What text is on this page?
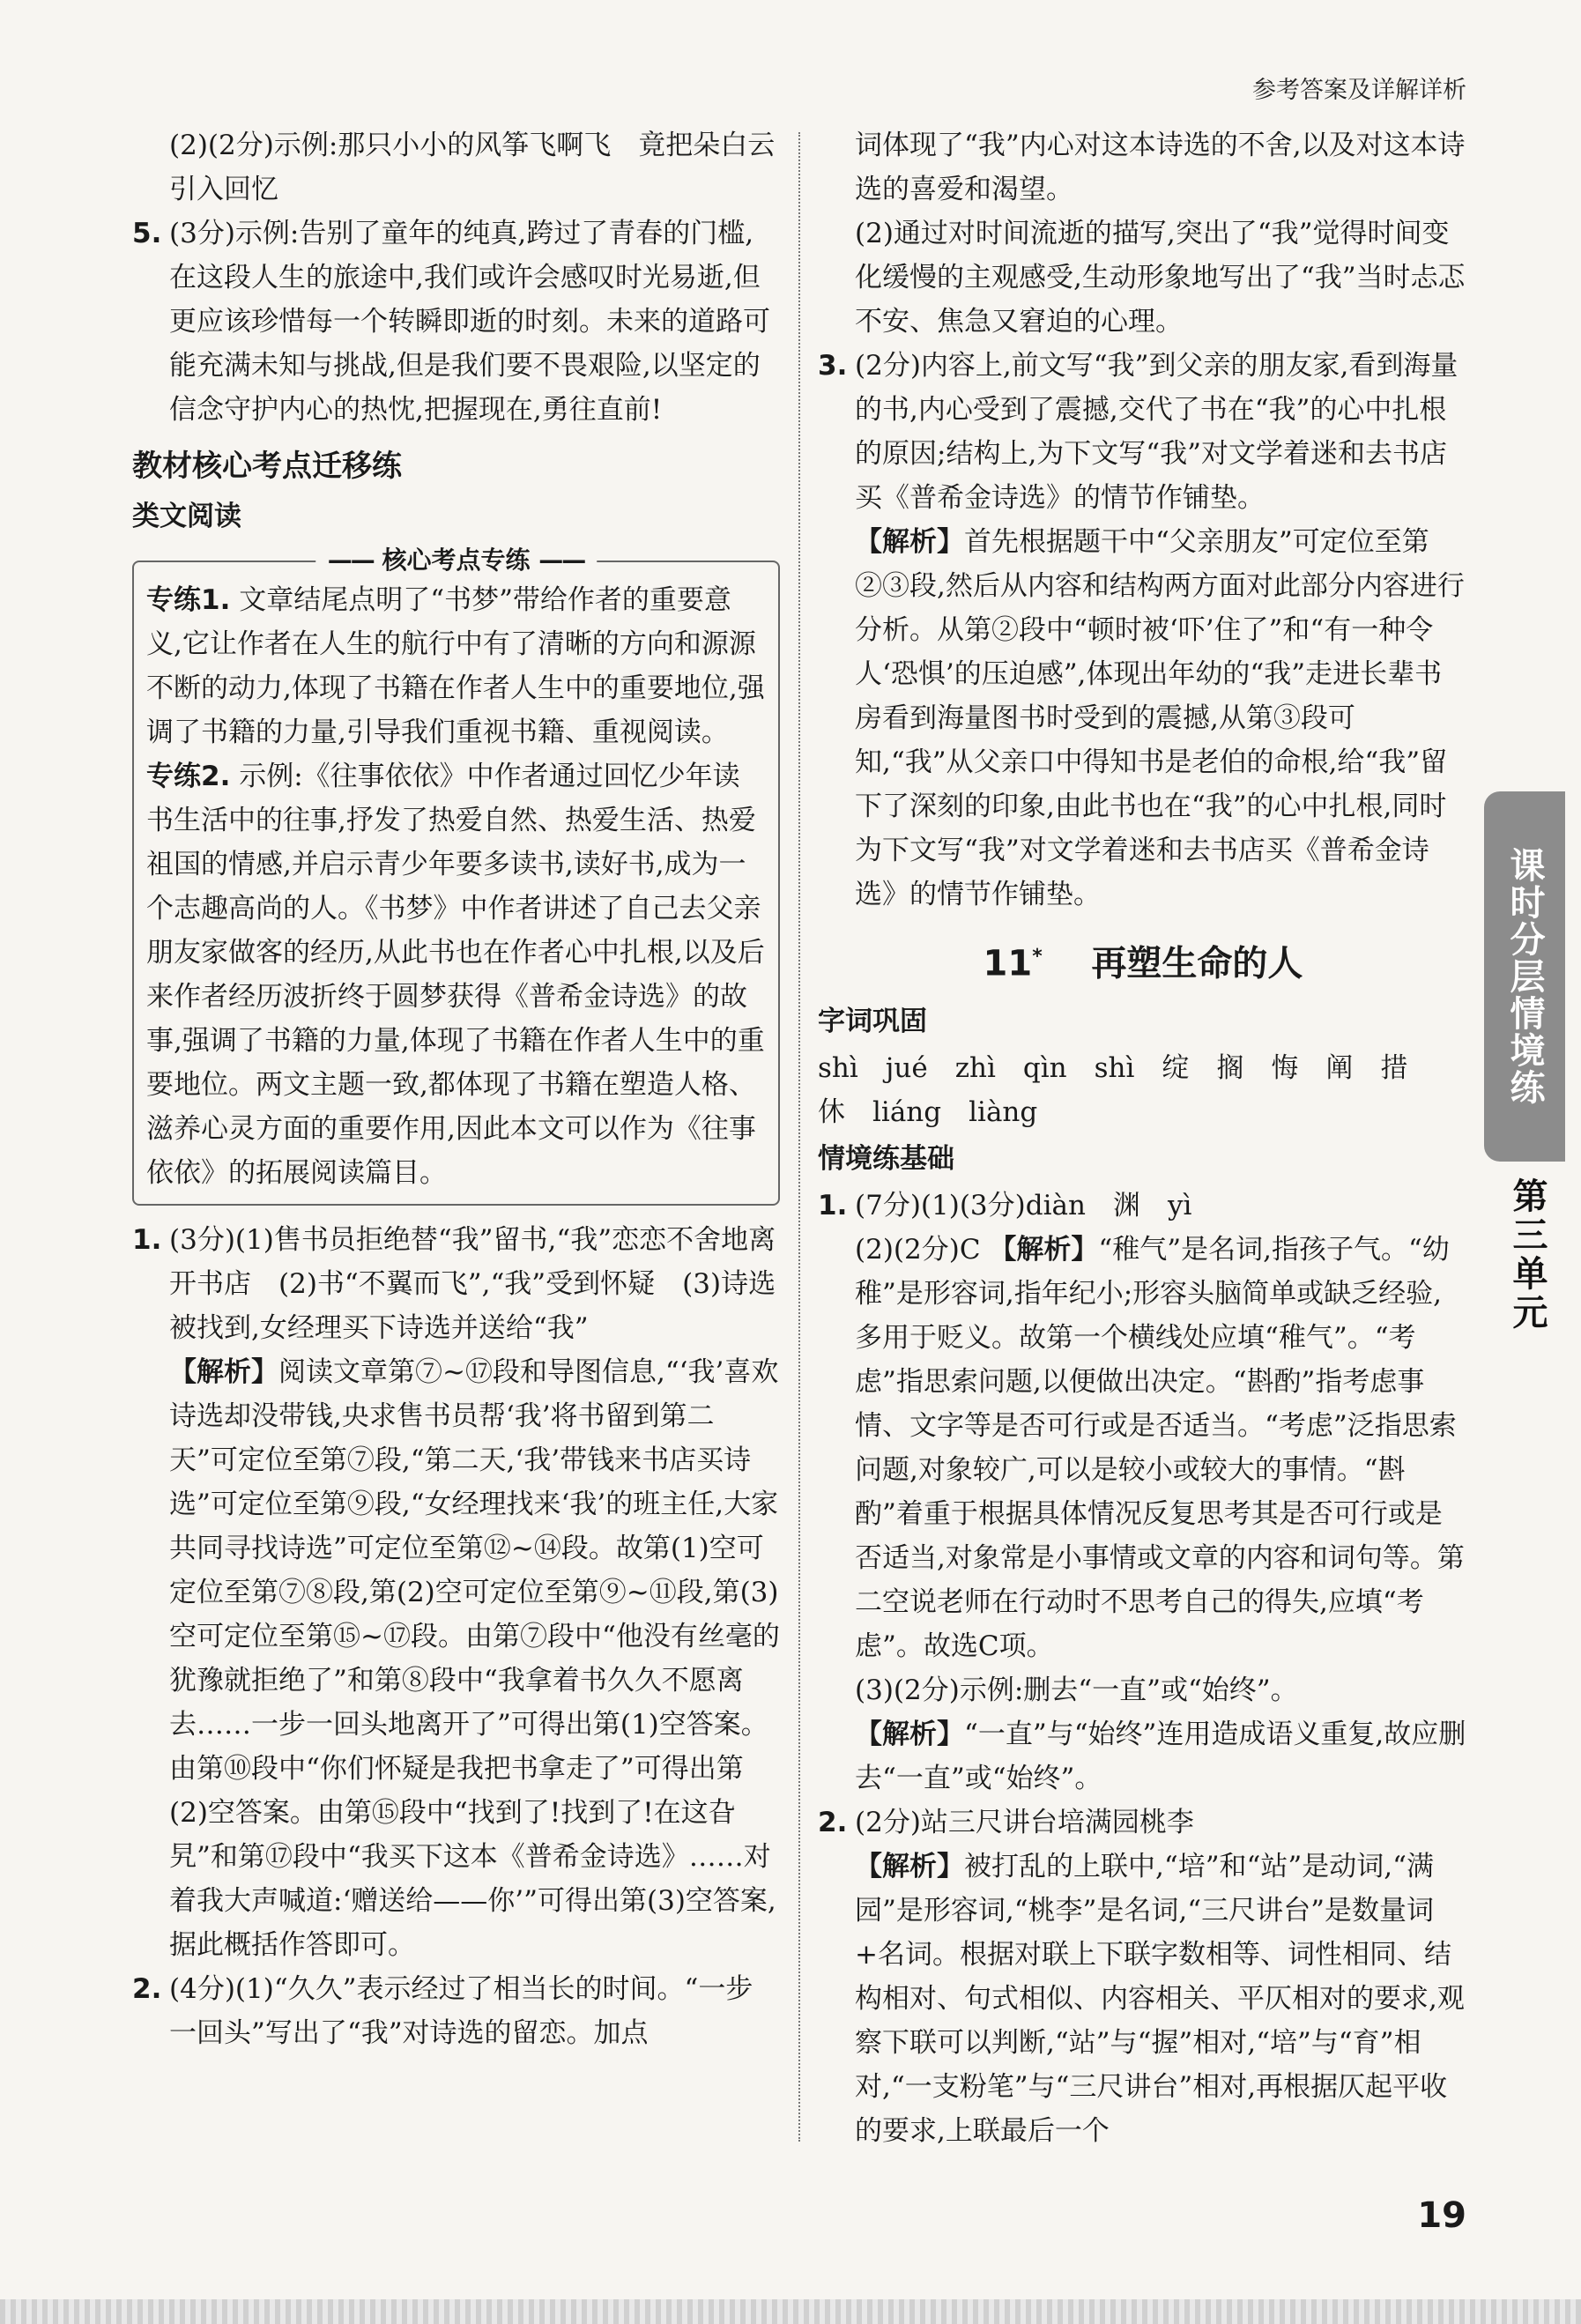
参考答案及详解详析

(2)(2分)示例:那只小小的风筝飞啊飞　竟把朵白云引入回忆

5. (3分)示例:告别了童年的纯真,跨过了青春的门槛,在这段人生的旅途中,我们或许会感叹时光易逝,但更应该珍惜每一个转瞬即逝的时刻。未来的道路可能充满未知与挑战,但是我们要不畏艰险,以坚定的信念守护内心的热忱,把握现在,勇往直前!

教材核心考点迁移练
类文阅读
—— 核心考点专练 ——

专练1. 文章结尾点明了“书梦”带给作者的重要意义,它让作者在人生的航行中有了清晰的方向和源源不断的动力,体现了书籍在作者人生中的重要地位,强调了书籍的力量,引导我们重视书籍、重视阅读。

专练2. 示例:《往事依依》中作者通过回忆少年读书生活中的往事,抒发了热爱自然、热爱生活、热爱祖国的情感,并启示青少年要多读书,读好书,成为一个志趣高尚的人。《书梦》中作者讲述了自己去父亲朋友家做客的经历,从此书也在作者心中扎根,以及后来作者经历波折终于圆梦获得《普希金诗选》的故事,强调了书籍的力量,体现了书籍在作者人生中的重要地位。两文主题一致,都体现了书籍在塑造人格、滋养心灵方面的重要作用,因此本文可以作为《往事依依》的拓展阅读篇目。

1. (3分)(1)售书员拒绝替“我”留书,“我”恋恋不舍地离开书店　(2)书“不翼而飞”,“我”受到怀疑　(3)诗选被找到,女经理买下诗选并送给“我”

【解析】阅读文章第⑦~⑰段和导图信息,“‘我’喜欢诗选却没带钱,央求售书员帮‘我’将书留到第二天”可定位至第⑦段,“第二天,‘我’带钱来书店买诗选”可定位至第⑨段,“女经理找来‘我’的班主任,大家共同寻找诗选”可定位至第⑫~⑭段。故第(1)空可定位至第⑦⑧段,第(2)空可定位至第⑨~⑪段,第(3)空可定位至第⑮~⑰段。由第⑦段中“他没有丝毫的犹豫就拒绝了”和第⑧段中“我拿着书久久不愿离去……一步一回头地离开了”可得出第(1)空答案。由第⑩段中“你们怀疑是我把书拿走了”可得出第(2)空答案。由第⑮段中“找到了!找到了!在这旮旯”和第⑰段中“我买下这本《普希金诗选》……对着我大声喊道:‘赠送给——你’”可得出第(3)空答案,据此概括作答即可。

2. (4分)(1)“久久”表示经过了相当长的时间。“一步一回头”写出了“我”对诗选的留恋。加点

词体现了“我”内心对这本诗选的不舍,以及对这本诗选的喜爱和渴望。

(2)通过对时间流逝的描写,突出了“我”觉得时间变化缓慢的主观感受,生动形象地写出了“我”当时忐忑不安、焦急又窘迫的心理。

3. (2分)内容上,前文写“我”到父亲的朋友家,看到海量的书,内心受到了震撼,交代了书在“我”的心中扎根的原因;结构上,为下文写“我”对文学着迷和去书店买《普希金诗选》的情节作铺垫。

【解析】首先根据题干中“父亲朋友”可定位至第②③段,然后从内容和结构两方面对此部分内容进行分析。从第②段中“顿时被‘吓’住了”和“有一种令人‘恐惧’的压迫感”,体现出年幼的“我”走进长辈书房看到海量图书时受到的震撼,从第③段可知,“我”从父亲口中得知书是老伯的命根,给“我”留下了深刻的印象,由此书也在“我”的心中扎根,同时为下文写“我”对文学着迷和去书店买《普希金诗选》的情节作铺垫。

11* 再塑生命的人
字词巩固

shì　jué　zhì　qìn　shì　绽　搁　悔　阐　措

休　liáng　liàng

情境练基础

1. (7分)(1)(3分)diàn　渊　yì

(2)(2分)C 【解析】“稚气”是名词,指孩子气。“幼稚”是形容词,指年纪小;形容头脑简单或缺乏经验,多用于贬义。故第一个横线处应填“稚气”。“考虑”指思索问题,以便做出决定。“斟酌”指考虑事情、文字等是否可行或是否适当。“考虑”泛指思索问题,对象较广,可以是较小或较大的事情。“斟酌”着重于根据具体情况反复思考其是否可行或是否适当,对象常是小事情或文章的内容和词句等。第二空说老师在行动时不思考自己的得失,应填“考虑”。故选C项。

(3)(2分)示例:删去“一直”或“始终”。

【解析】“一直”与“始终”连用造成语义重复,故应删去“一直”或“始终”。

2. (2分)站三尺讲台培满园桃李

【解析】被打乱的上联中,“培”和“站”是动词,“满园”是形容词,“桃李”是名词,“三尺讲台”是数量词+名词。根据对联上下联字数相等、词性相同、结构相对、句式相似、内容相关、平仄相对的要求,观察下联可以判断,“站”与“握”相对,“培”与“育”相对,“一支粉笔”与“三尺讲台”相对,再根据仄起平收的要求,上联最后一个

课时分层情境练
第三单元
19
